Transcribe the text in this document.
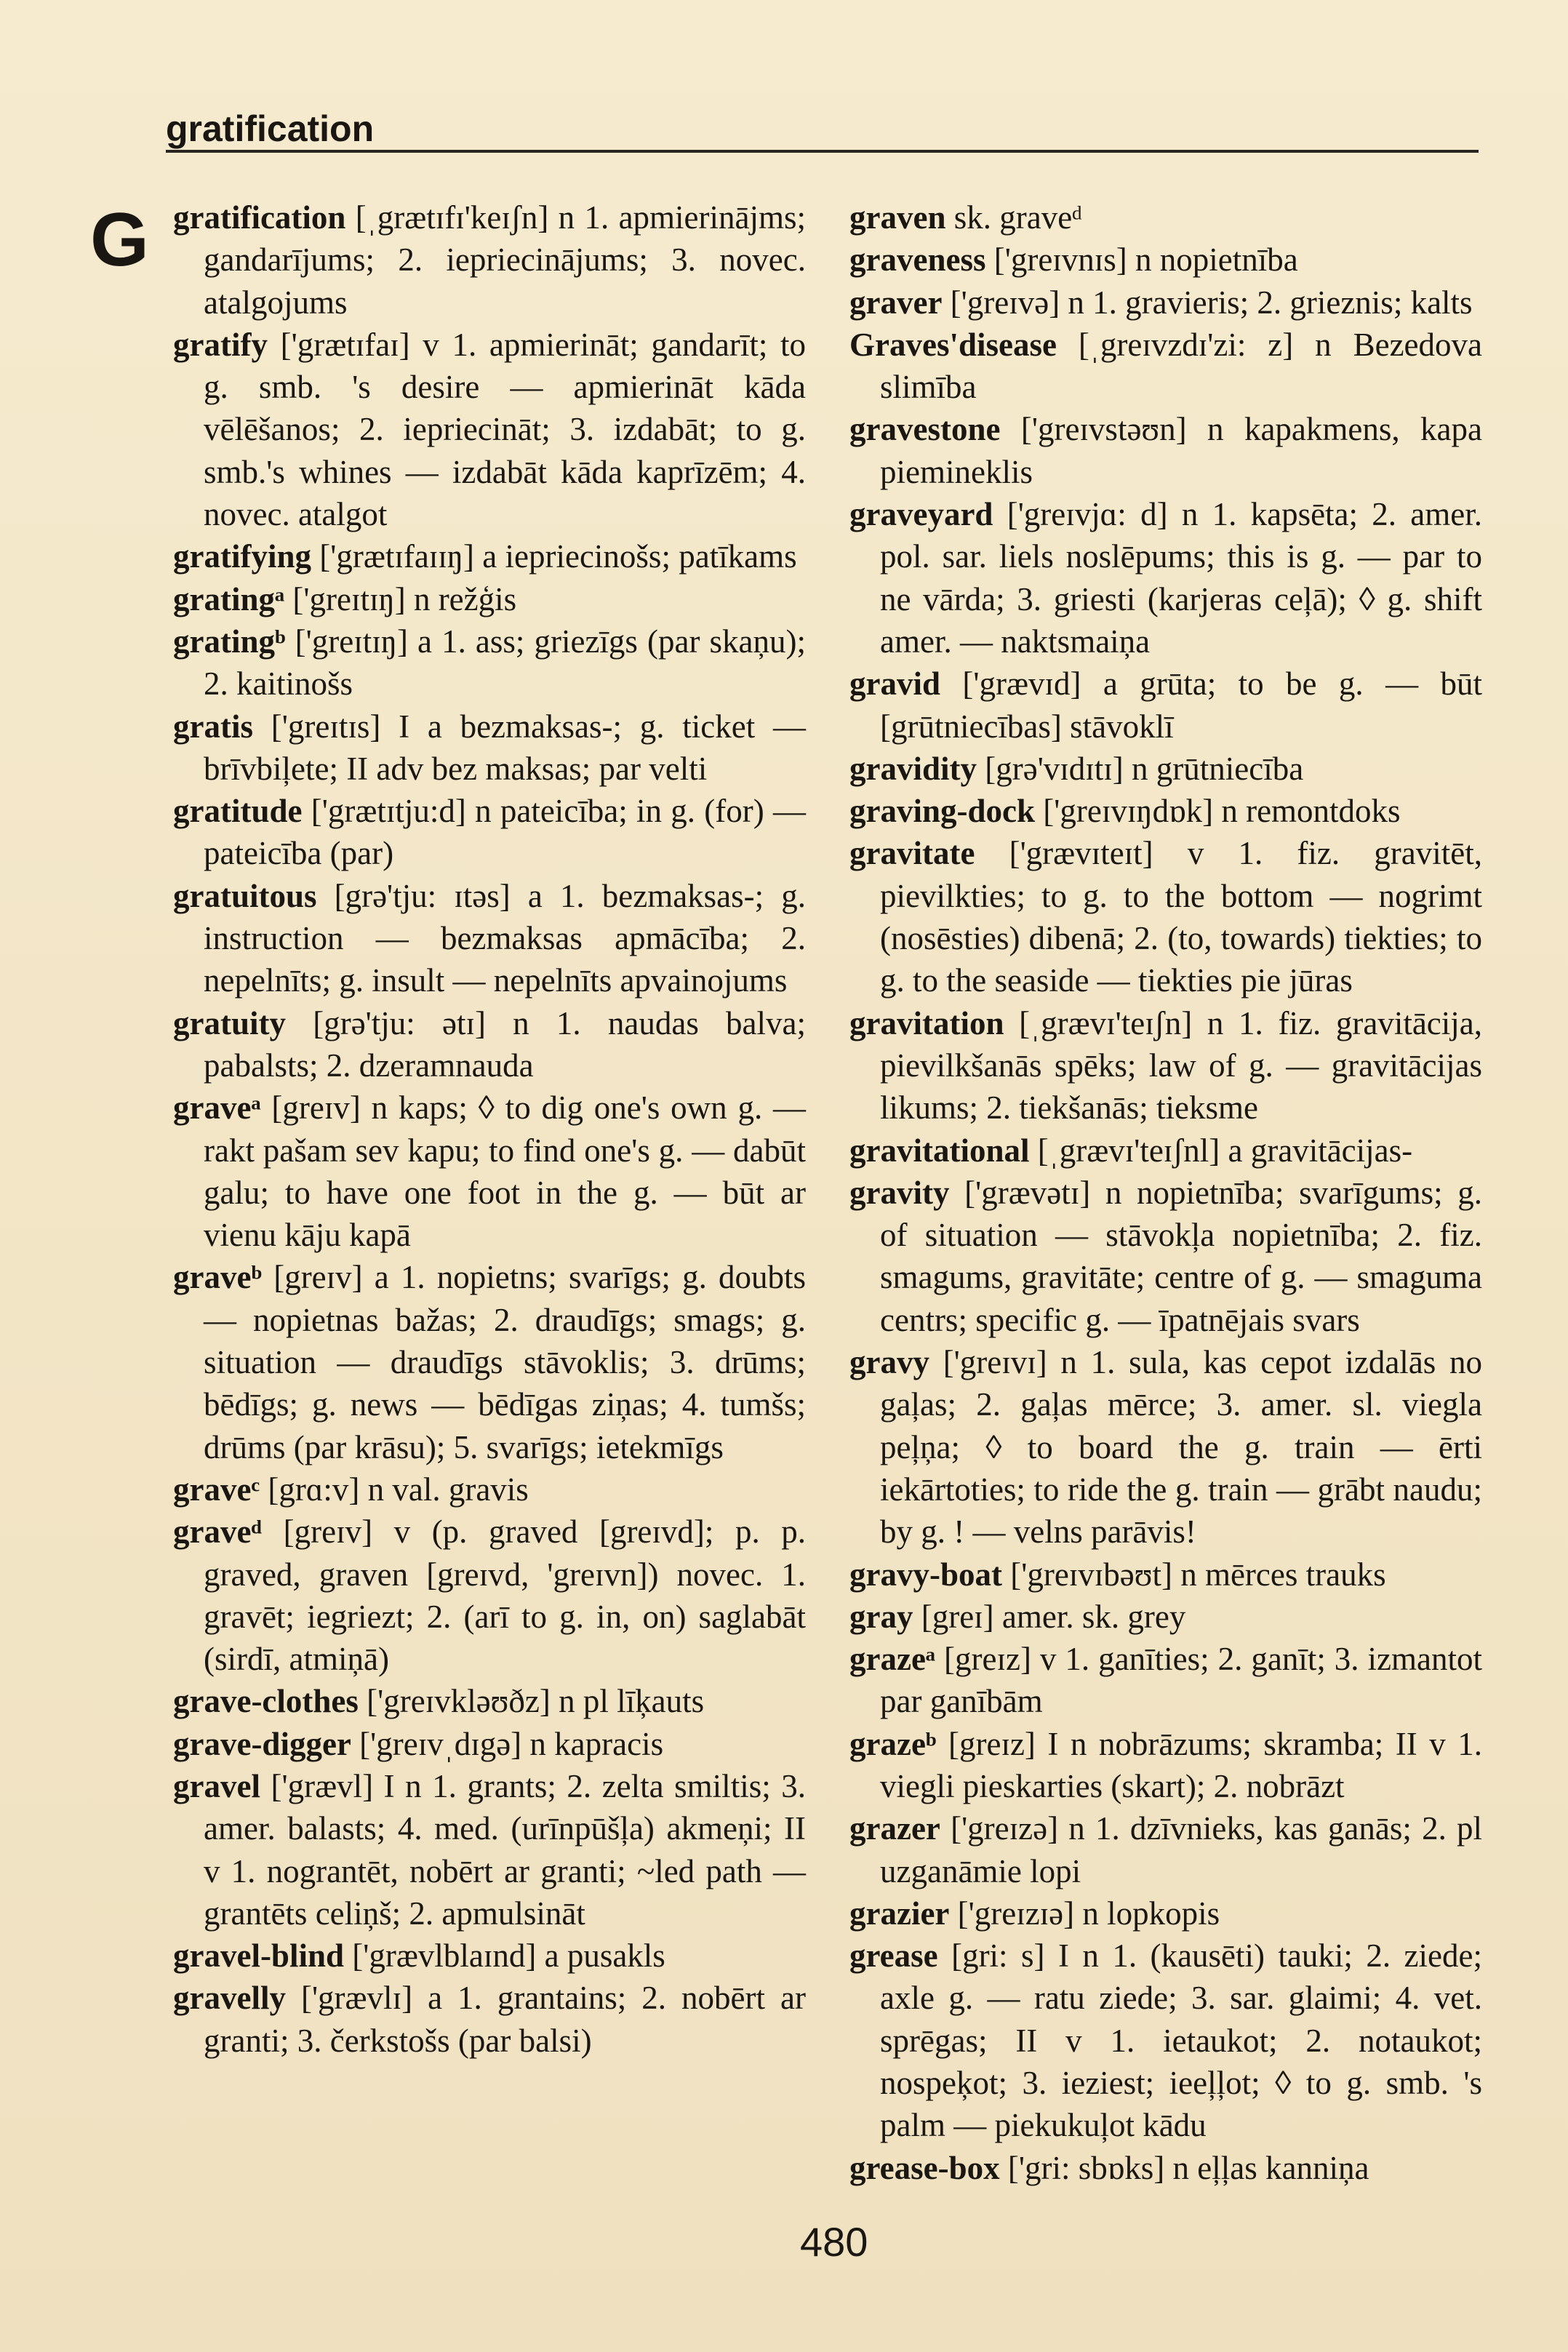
gratification
G gratification [ˌgrætɪfɪ'keɪʃn] n 1. apmierinājms; gandarījums; 2. iepriecinājums; 3. novec. atalgojums

gratify ['grætɪfaɪ] v 1. apmierināt; gandarīt; to g. smb. 's desire — apmierināt kāda vēlēšanos; 2. iepriecināt; 3. izdabāt; to g. smb.'s whines — izdabāt kāda kaprīzēm; 4. novec. atalgot

gratifying ['grætɪfaɪɪŋ] a iepriecinošs; patīkams

gratingᵃ ['greɪtɪŋ] n režģis

gratingᵇ ['greɪtɪŋ] a 1. ass; griezīgs (par skaņu); 2. kaitinošs

gratis ['greɪtɪs] I a bezmaksas-; g. ticket — brīvbiļete; II adv bez maksas; par velti

gratitude ['grætɪtju:d] n pateicība; in g. (for) — pateicība (par)

gratuitous [grə'tju: ɪtəs] a 1. bezmaksas-; g. instruction — bezmaksas apmācība; 2. nepelnīts; g. insult — nepelnīts apvainojums

gratuity [grə'tju: ətɪ] n 1. naudas balva; pabalsts; 2. dzeramnauda

graveᵃ [greɪv] n kaps; ◊ to dig one's own g. — rakt pašam sev kapu; to find one's g. — dabūt galu; to have one foot in the g. — būt ar vienu kāju kapā

graveᵇ [greɪv] a 1. nopietns; svarīgs; g. doubts — nopietnas bažas; 2. draudīgs; smags; g. situation — draudīgs stāvoklis; 3. drūms; bēdīgs; g. news — bēdīgas ziņas; 4. tumšs; drūms (par krāsu); 5. svarīgs; ietekmīgs

graveᶜ [grɑ:v] n val. gravis

graveᵈ [greɪv] v (p. graved [greɪvd]; p. p. graved, graven [greɪvd, 'greɪvn]) novec. 1. gravēt; iegriezt; 2. (arī to g. in, on) saglabāt (sirdī, atmiņā)

grave-clothes ['greɪvkləʊðz] n pl līķauts

grave-digger ['greɪvˌdɪgə] n kapracis

gravel ['grævl] I n 1. grants; 2. zelta smiltis; 3. amer. balasts; 4. med. (urīnpūšļa) akmeņi; II v 1. nograntēt, nobērt ar granti; ~led path — grantēts celiņš; 2. apmulsināt

gravel-blind ['grævlblaɪnd] a pusakls

gravelly ['grævlɪ] a 1. grantains; 2. nobērt ar granti; 3. čerkstošs (par balsi)

graven sk. graveᵈ

graveness ['greɪvnɪs] n nopietnība

graver ['greɪvə] n 1. gravieris; 2. grieznis; kalts

Graves'disease [ˌgreɪvzdɪ'zi: z] n Bezedova slimība

gravestone ['greɪvstəʊn] n kapakmens, kapa piemineklis

graveyard ['greɪvjɑ: d] n 1. kapsēta; 2. amer. pol. sar. liels noslēpums; this is g. — par to ne vārda; 3. griesti (karjeras ceļā); ◊ g. shift amer. — naktsmaiņa

gravid ['grævɪd] a grūta; to be g. — būt [grūtniecības] stāvoklī

gravidity [grə'vɪdɪtɪ] n grūtniecība

graving-dock ['greɪvɪŋdɒk] n remontdoks

gravitate ['grævɪteɪt] v 1. fiz. gravitēt, pievilkties; to g. to the bottom — nogrimt (nosēsties) dibenā; 2. (to, towards) tiekties; to g. to the seaside — tiekties pie jūras

gravitation [ˌgrævɪ'teɪʃn] n 1. fiz. gravitācija, pievilkšanās spēks; law of g. — gravitācijas likums; 2. tiekšanās; tieksme

gravitational [ˌgrævɪ'teɪʃnl] a gravitācijas-

gravity ['grævətɪ] n nopietnība; svarīgums; g. of situation — stāvokļa nopietnība; 2. fiz. smagums, gravitāte; centre of g. — smaguma centrs; specific g. — īpatnējais svars

gravy ['greɪvɪ] n 1. sula, kas cepot izdalās no gaļas; 2. gaļas mērce; 3. amer. sl. viegla peļņa; ◊ to board the g. train — ērti iekārtoties; to ride the g. train — grābt naudu; by g. ! — velns parāvis!

gravy-boat ['greɪvɪbəʊt] n mērces trauks

gray [greɪ] amer. sk. grey

grazeᵃ [greɪz] v 1. ganīties; 2. ganīt; 3. izmantot par ganībām

grazeᵇ [greɪz] I n nobrāzums; skramba; II v 1. viegli pieskarties (skart); 2. nobrāzt

grazer ['greɪzə] n 1. dzīvnieks, kas ganās; 2. pl uzganāmie lopi

grazier ['greɪzɪə] n lopkopis

grease [gri: s] I n 1. (kausēti) tauki; 2. ziede; axle g. — ratu ziede; 3. sar. glaimi; 4. vet. sprēgas; II v 1. ietaukot; 2. notaukot; nospeķot; 3. ieziest; ieeļļot; ◊ to g. smb. 's palm — piekukuļot kādu

grease-box ['gri: sbɒks] n eļļas kanniņa

480
